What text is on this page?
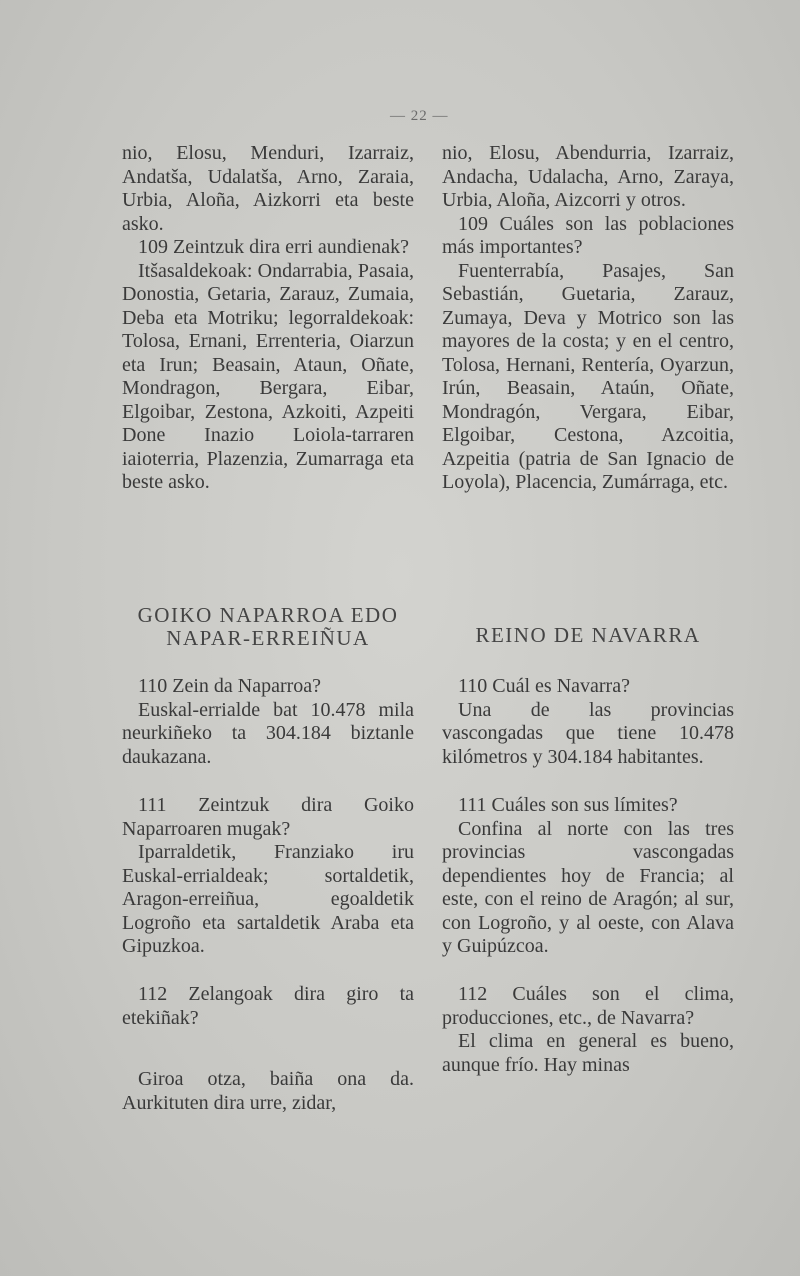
— 22 —

nio, Elosu, Menduri, Izarraiz, Andatša, Udalatša, Arno, Zaraia, Urbia, Aloña, Aizkorri eta beste asko.

109 Zeintzuk dira erri aundienak?

Itšasaldekoak: Ondarrabia, Pasaia, Donostia, Getaria, Zarauz, Zumaia, Deba eta Motriku; legorraldekoak: Tolosa, Ernani, Errenteria, Oiarzun eta Irun; Beasain, Ataun, Oñate, Mondragon, Bergara, Eibar, Elgoibar, Zestona, Azkoiti, Azpeiti Done Inazio Loiola-tarraren iaioterria, Plazenzia, Zumarraga eta beste asko.

GOIKO NAPARROA EDO NAPAR-ERREIÑUA

110 Zein da Naparroa?

Euskal-errialde bat 10.478 mila neurkiñeko ta 304.184 biztanle daukazana.

111 Zeintzuk dira Goiko Naparroaren mugak?

Iparraldetik, Franziako iru Euskal-errialdeak; sortaldetik, Aragon-erreiñua, egoaldetik Logroño eta sartaldetik Araba eta Gipuzkoa.

112 Zelangoak dira giro ta etekiñak?

Giroa otza, baiña ona da. Aurkituten dira urre, zidar,

nio, Elosu, Abendurria, Izarraiz, Andacha, Udalacha, Arno, Zaraya, Urbia, Aloña, Aizcorri y otros.

109 Cuáles son las poblaciones más importantes?

Fuenterrabía, Pasajes, San Sebastián, Guetaria, Zarauz, Zumaya, Deva y Motrico son las mayores de la costa; y en el centro, Tolosa, Hernani, Rentería, Oyarzun, Irún, Beasain, Ataún, Oñate, Mondragón, Vergara, Eibar, Elgoibar, Cestona, Azcoitia, Azpeitia (patria de San Ignacio de Loyola), Placencia, Zumárraga, etc.

REINO DE NAVARRA

110 Cuál es Navarra?

Una de las provincias vascongadas que tiene 10.478 kilómetros y 304.184 habitantes.

111 Cuáles son sus límites?

Confina al norte con las tres provincias vascongadas dependientes hoy de Francia; al este, con el reino de Aragón; al sur, con Logroño, y al oeste, con Alava y Guipúzcoa.

112 Cuáles son el clima, producciones, etc., de Navarra?

El clima en general es bueno, aunque frío. Hay minas
